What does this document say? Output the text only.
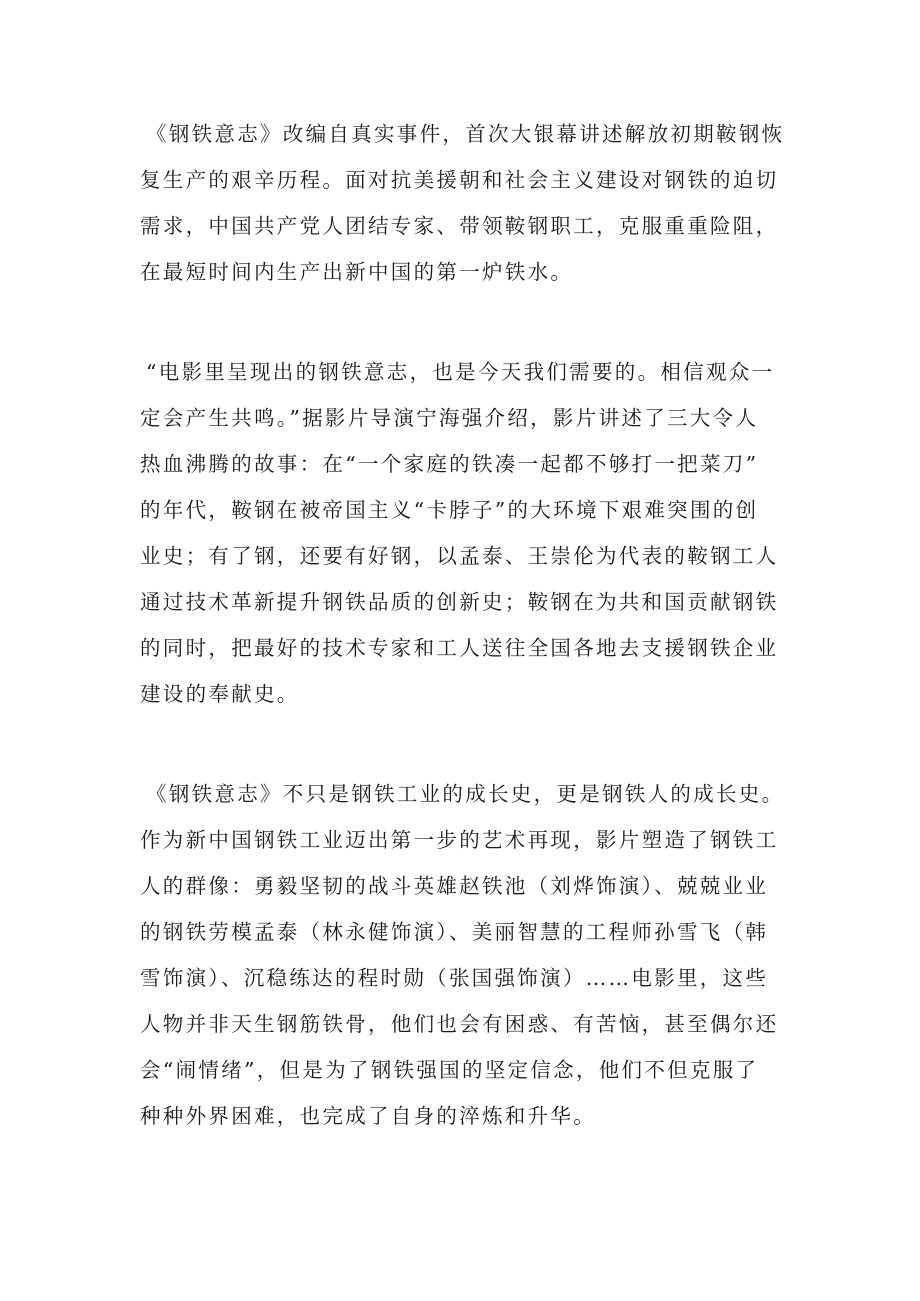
《钢铁意志》改编自真实事件，首次大银幕讲述解放初期鞍钢恢

复生产的艰辛历程。面对抗美援朝和社会主义建设对钢铁的迫切

需求，中国共产党人团结专家、带领鞍钢职工，克服重重险阻，

在最短时间内生产出新中国的第一炉铁水。

“电影里呈现出的钢铁意志，也是今天我们需要的。相信观众一

定会产生共鸣。”据影片导演宁海强介绍，影片讲述了三大令人

热血沸腾的故事：在“一个家庭的铁凑一起都不够打一把菜刀”

的年代，鞍钢在被帝国主义“卡脖子”的大环境下艰难突围的创

业史；有了钢，还要有好钢，以孟泰、王崇伦为代表的鞍钢工人

通过技术革新提升钢铁品质的创新史；鞍钢在为共和国贡献钢铁

的同时，把最好的技术专家和工人送往全国各地去支援钢铁企业

建设的奉献史。

《钢铁意志》不只是钢铁工业的成长史，更是钢铁人的成长史。

作为新中国钢铁工业迈出第一步的艺术再现，影片塑造了钢铁工

人的群像：勇毅坚韧的战斗英雄赵铁池（刘烨饰演）、兢兢业业

的钢铁劳模孟泰（林永健饰演）、美丽智慧的工程师孙雪飞（韩

雪饰演）、沉稳练达的程时勋（张国强饰演）……电影里，这些

人物并非天生钢筋铁骨，他们也会有困惑、有苦恼，甚至偶尔还

会“闹情绪”，但是为了钢铁强国的坚定信念，他们不但克服了

种种外界困难，也完成了自身的淬炼和升华。
